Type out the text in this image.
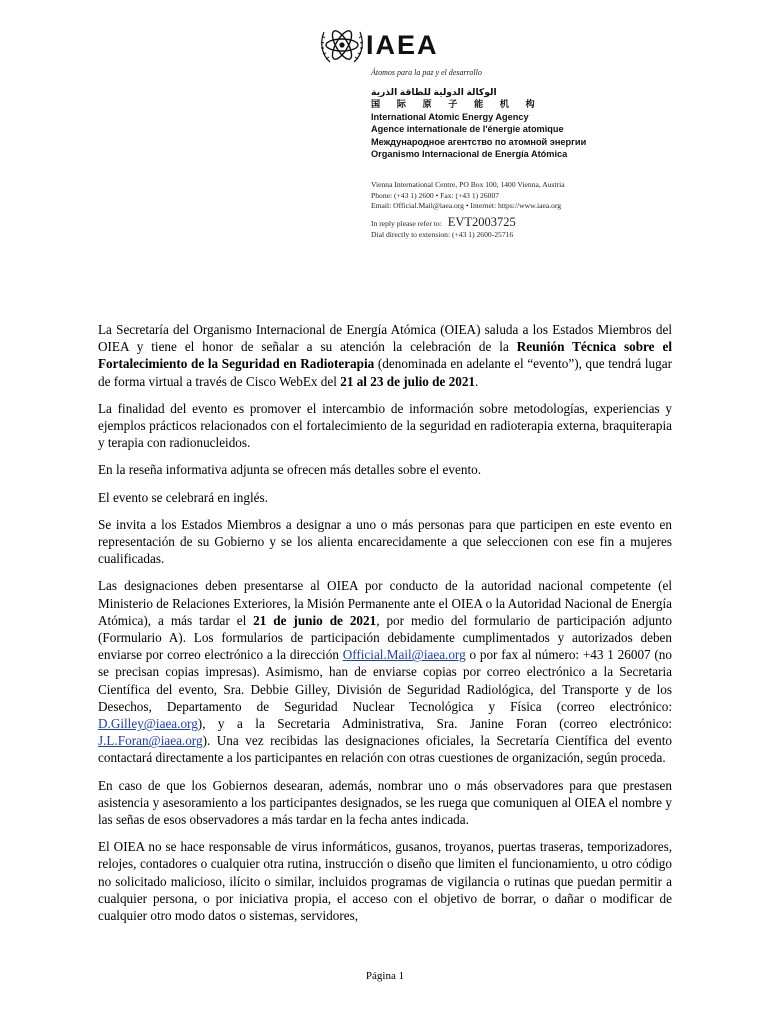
IAEA
Átomos para la paz y el desarrollo
الوكالة الدولية للطاقة الذرية
国 际 原 子 能 机 构
International Atomic Energy Agency
Agence internationale de l'énergie atomique
Международное агентство по атомной энергии
Organismo Internacional de Energía Atómica
Vienna International Centre, PO Box 100, 1400 Vienna, Austria
Phone: (+43 1) 2600 • Fax: (+43 1) 26007
Email: Official.Mail@iaea.org • Internet: https://www.iaea.org
In reply please refer to: EVT2003725
Dial directly to extension: (+43 1) 2600-25716

La Secretaría del Organismo Internacional de Energía Atómica (OIEA) saluda a los Estados Miembros del OIEA y tiene el honor de señalar a su atención la celebración de la Reunión Técnica sobre el Fortalecimiento de la Seguridad en Radioterapia (denominada en adelante el “evento”), que tendrá lugar de forma virtual a través de Cisco WebEx del 21 al 23 de julio de 2021.

La finalidad del evento es promover el intercambio de información sobre metodologías, experiencias y ejemplos prácticos relacionados con el fortalecimiento de la seguridad en radioterapia externa, braquiterapia y terapia con radionucleidos.

En la reseña informativa adjunta se ofrecen más detalles sobre el evento.

El evento se celebrará en inglés.

Se invita a los Estados Miembros a designar a uno o más personas para que participen en este evento en representación de su Gobierno y se los alienta encarecidamente a que seleccionen con ese fin a mujeres cualificadas.

Las designaciones deben presentarse al OIEA por conducto de la autoridad nacional competente (el Ministerio de Relaciones Exteriores, la Misión Permanente ante el OIEA o la Autoridad Nacional de Energía Atómica), a más tardar el 21 de junio de 2021, por medio del formulario de participación adjunto (Formulario A). Los formularios de participación debidamente cumplimentados y autorizados deben enviarse por correo electrónico a la dirección Official.Mail@iaea.org o por fax al número: +43 1 26007 (no se precisan copias impresas). Asimismo, han de enviarse copias por correo electrónico a la Secretaria Científica del evento, Sra. Debbie Gilley, División de Seguridad Radiológica, del Transporte y de los Desechos, Departamento de Seguridad Nuclear Tecnológica y Física (correo electrónico: D.Gilley@iaea.org), y a la Secretaria Administrativa, Sra. Janine Foran (correo electrónico: J.L.Foran@iaea.org). Una vez recibidas las designaciones oficiales, la Secretaría Científica del evento contactará directamente a los participantes en relación con otras cuestiones de organización, según proceda.

En caso de que los Gobiernos desearan, además, nombrar uno o más observadores para que prestasen asistencia y asesoramiento a los participantes designados, se les ruega que comuniquen al OIEA el nombre y las señas de esos observadores a más tardar en la fecha antes indicada.

El OIEA no se hace responsable de virus informáticos, gusanos, troyanos, puertas traseras, temporizadores, relojes, contadores o cualquier otra rutina, instrucción o diseño que limiten el funcionamiento, u otro código no solicitado malicioso, ilícito o similar, incluidos programas de vigilancia o rutinas que puedan permitir a cualquier persona, o por iniciativa propia, el acceso con el objetivo de borrar, o dañar o modificar de cualquier otro modo datos o sistemas, servidores,

Página 1
